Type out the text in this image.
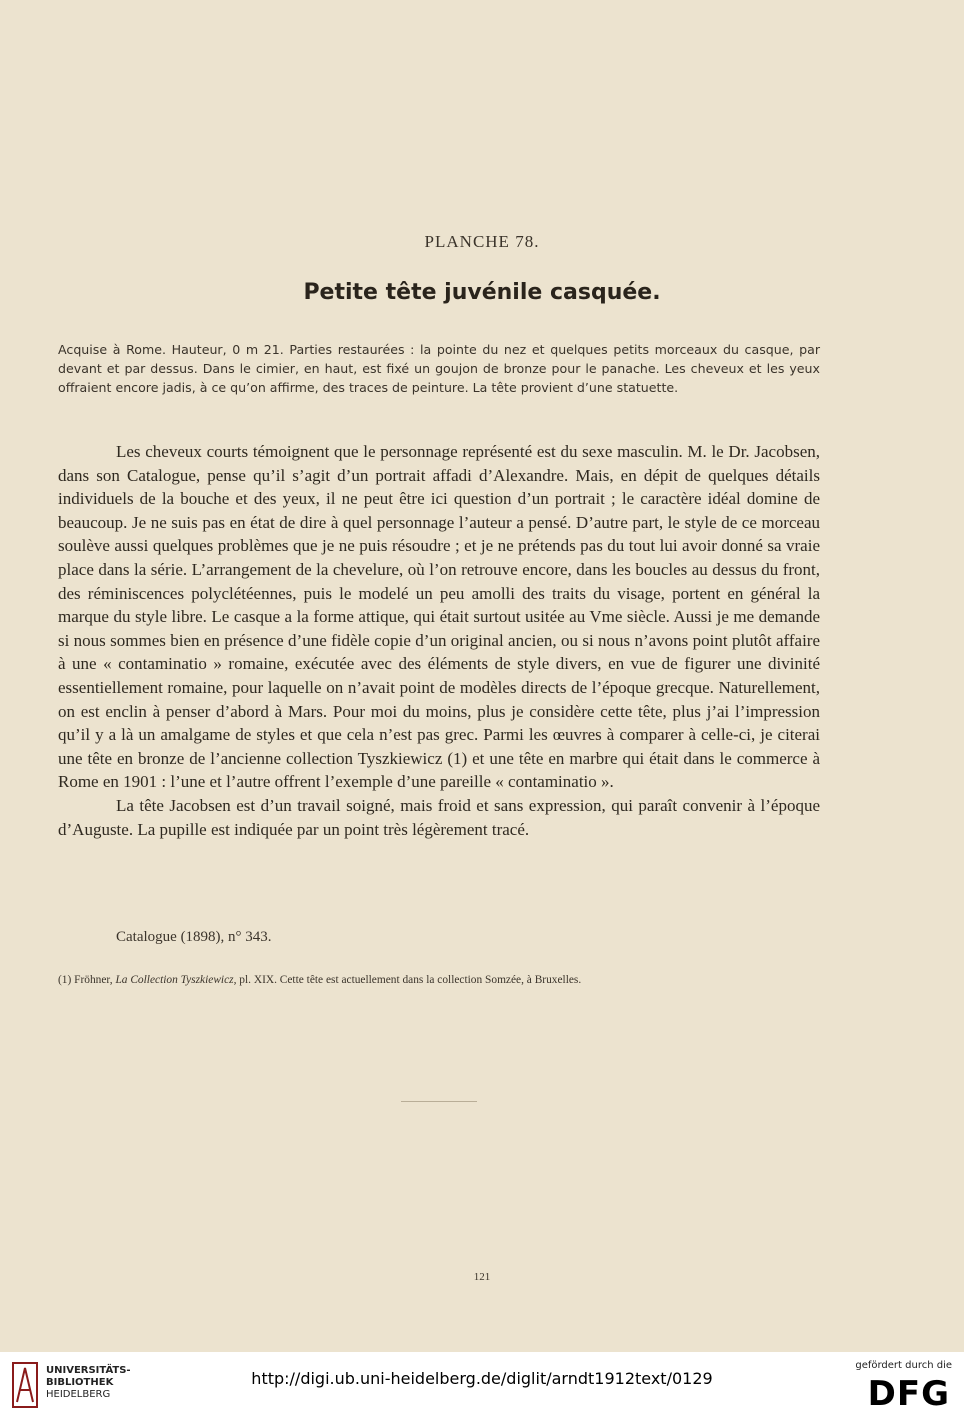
PLANCHE 78.
Petite tête juvénile casquée.

Acquise à Rome. Hauteur, 0 m 21. Parties restaurées : la pointe du nez et quelques petits morceaux du casque, par devant et par dessus. Dans le cimier, en haut, est fixé un goujon de bronze pour le panache. Les cheveux et les yeux offraient encore jadis, à ce qu’on affirme, des traces de peinture. La tête provient d’une statuette.

Les cheveux courts témoignent que le personnage représenté est du sexe masculin. M. le Dr. Jacobsen, dans son Catalogue, pense qu’il s’agit d’un portrait affadi d’Alexandre. Mais, en dépit de quelques détails individuels de la bouche et des yeux, il ne peut être ici question d’un portrait ; le caractère idéal domine de beaucoup. Je ne suis pas en état de dire à quel personnage l’auteur a pensé. D’autre part, le style de ce morceau soulève aussi quelques problèmes que je ne puis résoudre ; et je ne prétends pas du tout lui avoir donné sa vraie place dans la série. L’arrangement de la chevelure, où l’on retrouve encore, dans les boucles au dessus du front, des réminiscences polyclétéennes, puis le modelé un peu amolli des traits du visage, portent en général la marque du style libre. Le casque a la forme attique, qui était surtout usitée au Vme siècle. Aussi je me demande si nous sommes bien en présence d’une fidèle copie d’un original ancien, ou si nous n’avons point plutôt affaire à une « contaminatio » romaine, exécutée avec des éléments de style divers, en vue de figurer une divinité essentiellement romaine, pour laquelle on n’avait point de modèles directs de l’époque grecque. Naturellement, on est enclin à penser d’abord à Mars. Pour moi du moins, plus je considère cette tête, plus j’ai l’impression qu’il y a là un amalgame de styles et que cela n’est pas grec. Parmi les œuvres à comparer à celle-ci, je citerai une tête en bronze de l’ancienne collection Tyszkiewicz (1) et une tête en marbre qui était dans le commerce à Rome en 1901 : l’une et l’autre offrent l’exemple d’une pareille « contaminatio ».

La tête Jacobsen est d’un travail soigné, mais froid et sans expression, qui paraît convenir à l’époque d’Auguste. La pupille est indiquée par un point très légèrement tracé.

Catalogue (1898), n° 343.
(1) Fröhner, La Collection Tyszkiewicz, pl. XIX. Cette tête est actuellement dans la collection Somzée, à Bruxelles.
121
UNIVERSITÄTS-
BIBLIOTHEK
HEIDELBERG
http://digi.ub.uni-heidelberg.de/diglit/arndt1912text/0129
gefördert durch die
DFG
